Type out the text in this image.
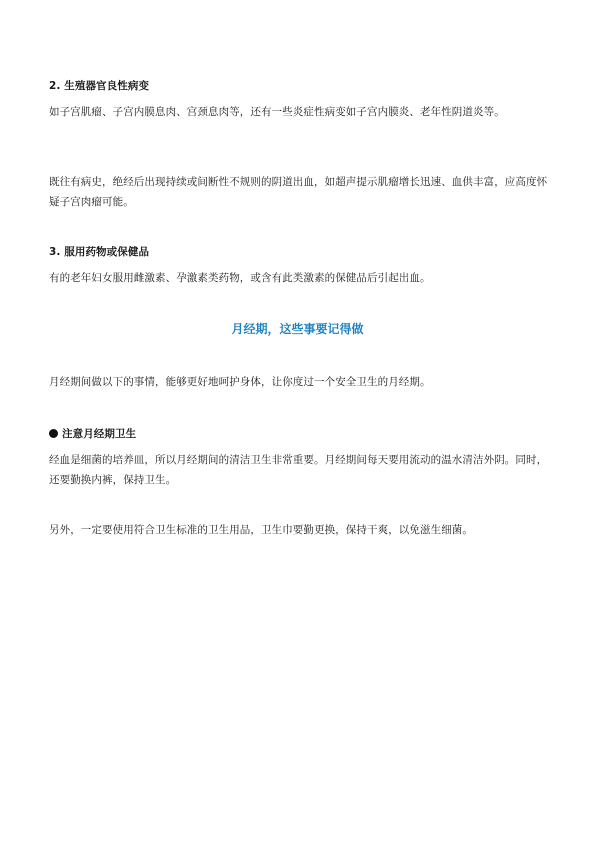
2. 生殖器官良性病变
如子宫肌瘤、子宫内膜息肉、宫颈息肉等，还有一些炎症性病变如子宫内膜炎、老年性阴道炎等。
既往有病史，绝经后出现持续或间断性不规则的阴道出血，如超声提示肌瘤增长迅速、血供丰富，应高度怀疑子宫肉瘤可能。
3. 服用药物或保健品
有的老年妇女服用雌激素、孕激素类药物，或含有此类激素的保健品后引起出血。
月经期，这些事要记得做
月经期间做以下的事情，能够更好地呵护身体，让你度过一个安全卫生的月经期。
注意月经期卫生
经血是细菌的培养皿，所以月经期间的清洁卫生非常重要。月经期间每天要用流动的温水清洁外阴。同时，还要勤换内裤，保持卫生。
另外，一定要使用符合卫生标准的卫生用品，卫生巾要勤更换，保持干爽，以免滋生细菌。
